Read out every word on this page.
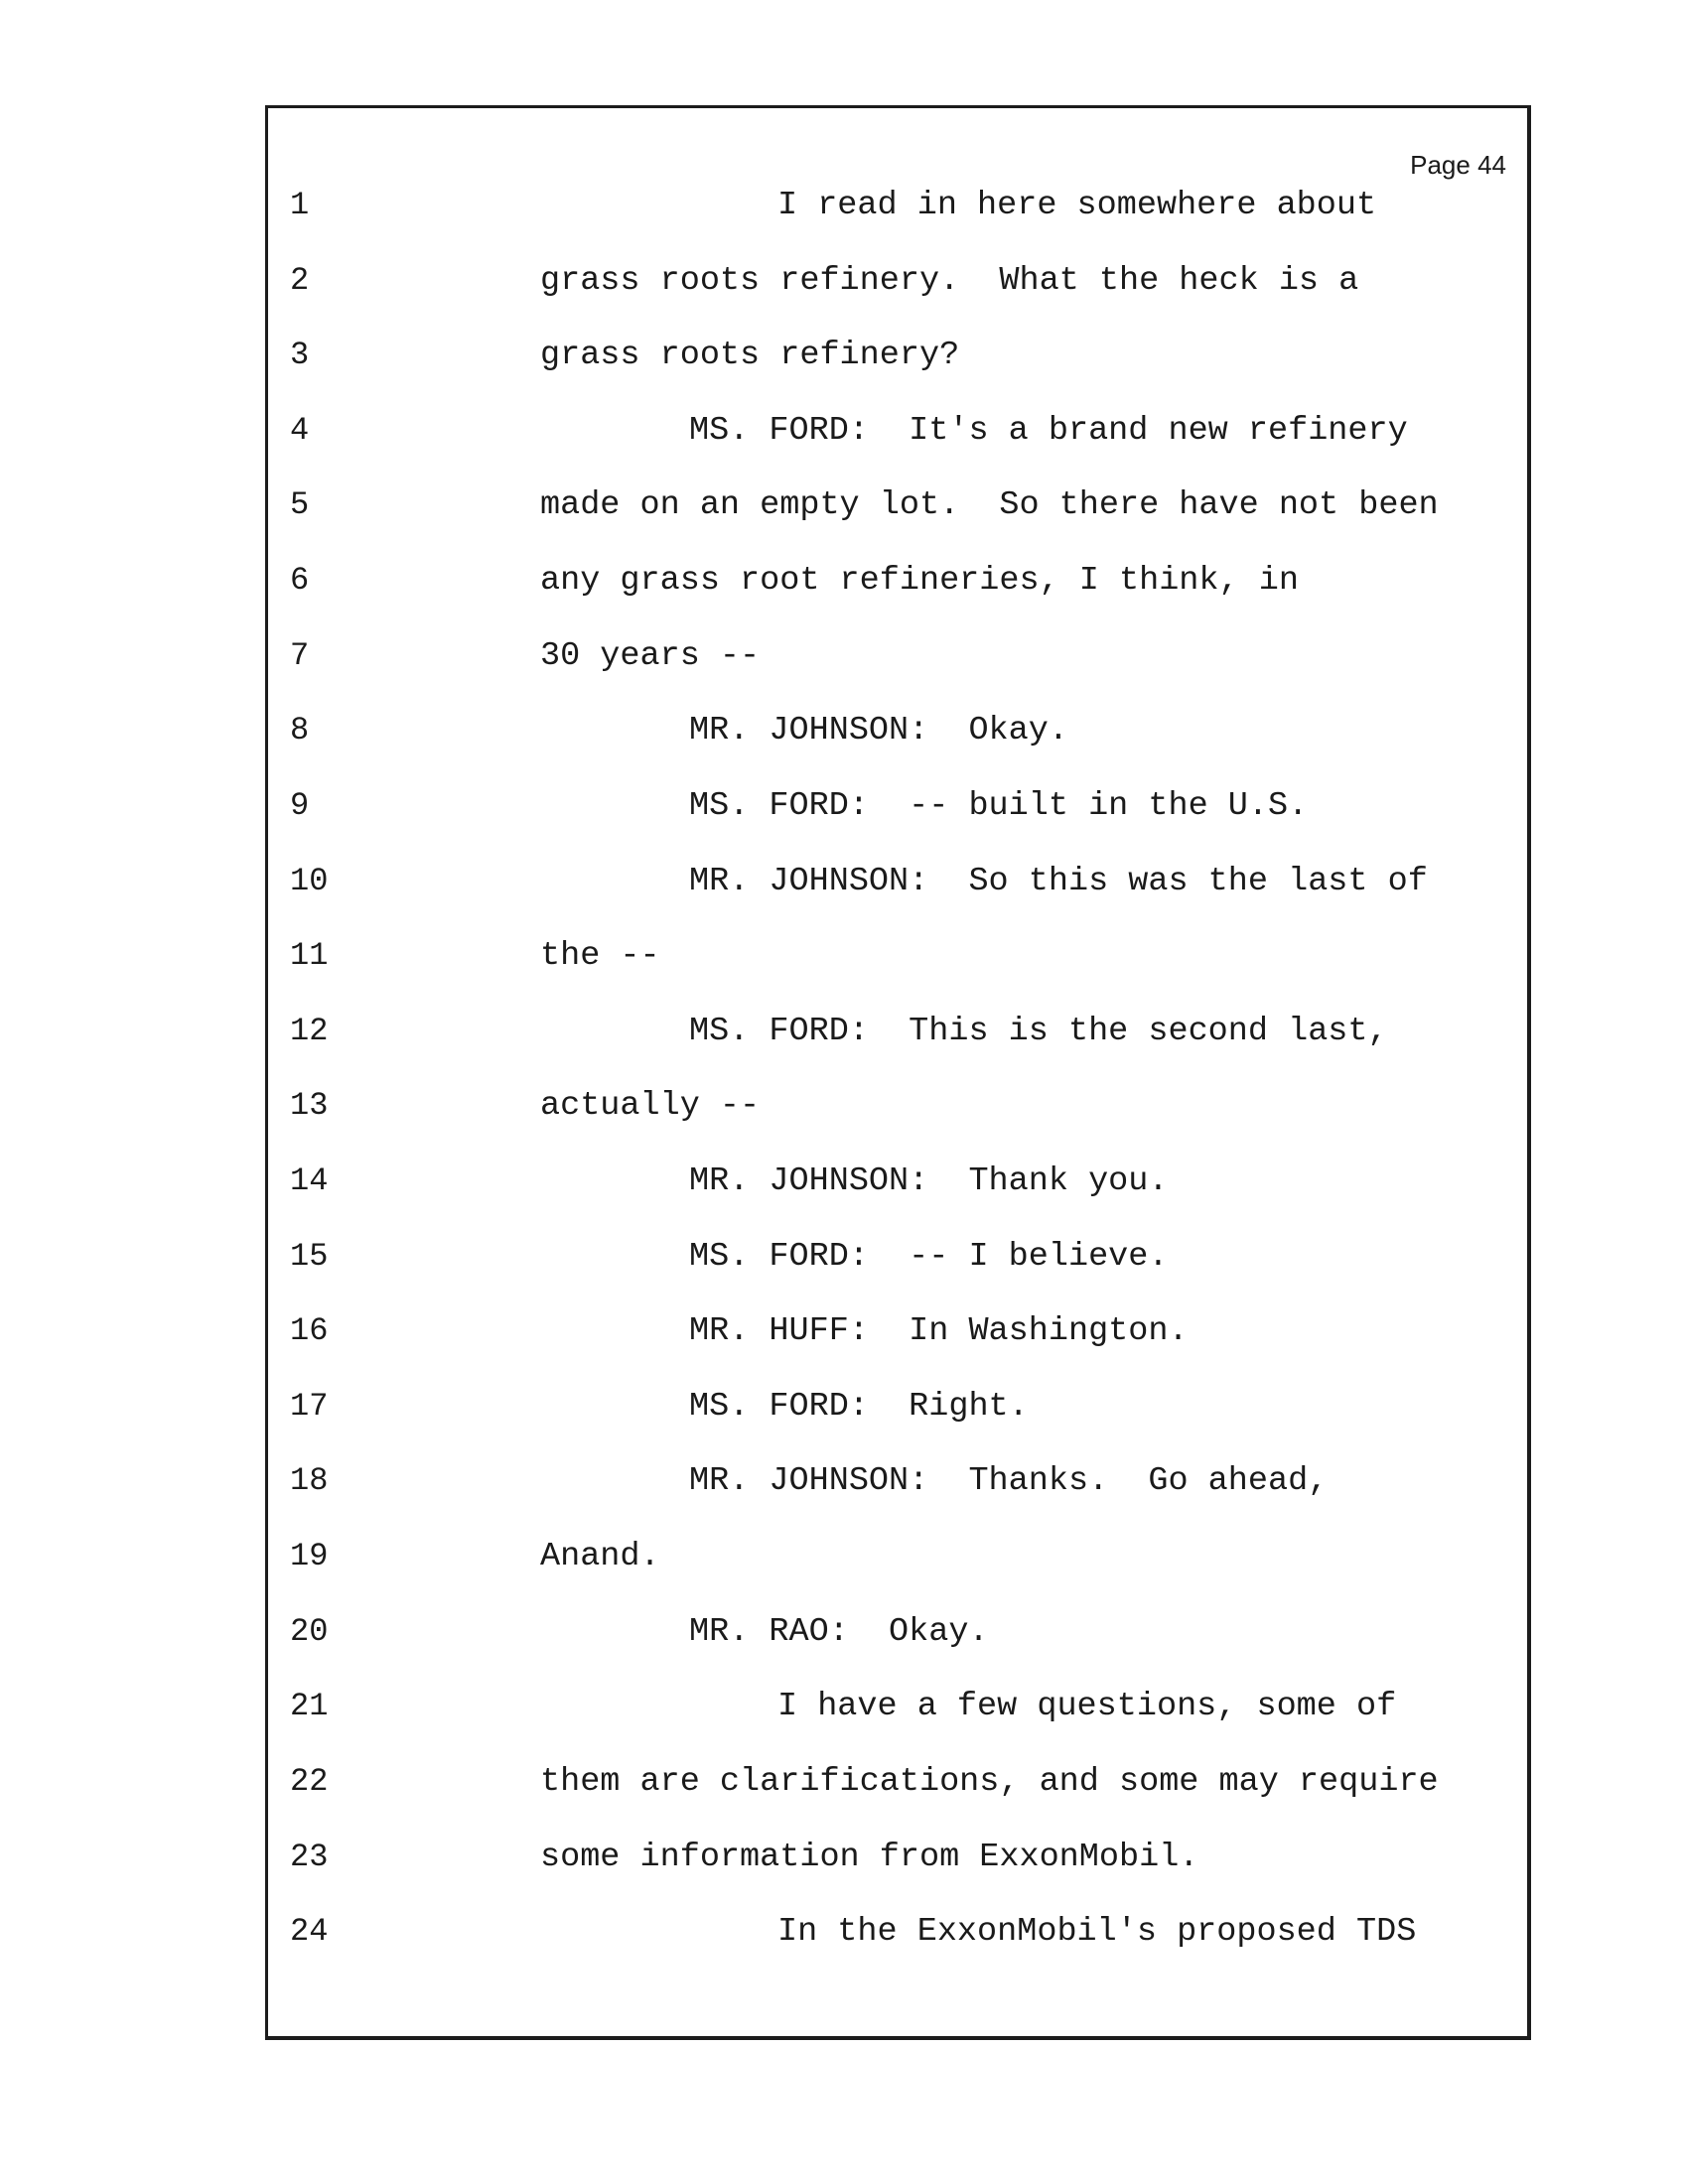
Page 44
1	I read in here somewhere about
2	grass roots refinery.  What the heck is a
3	grass roots refinery?
4	MS. FORD:  It's a brand new refinery
5	made on an empty lot.  So there have not been
6	any grass root refineries, I think, in
7	30 years --
8	MR. JOHNSON:  Okay.
9	MS. FORD:  -- built in the U.S.
10	MR. JOHNSON:  So this was the last of
11	the --
12	MS. FORD:  This is the second last,
13	actually --
14	MR. JOHNSON:  Thank you.
15	MS. FORD:  -- I believe.
16	MR. HUFF:  In Washington.
17	MS. FORD:  Right.
18	MR. JOHNSON:  Thanks.  Go ahead,
19	Anand.
20	MR. RAO:  Okay.
21	I have a few questions, some of
22	them are clarifications, and some may require
23	some information from ExxonMobil.
24	In the ExxonMobil's proposed TDS
